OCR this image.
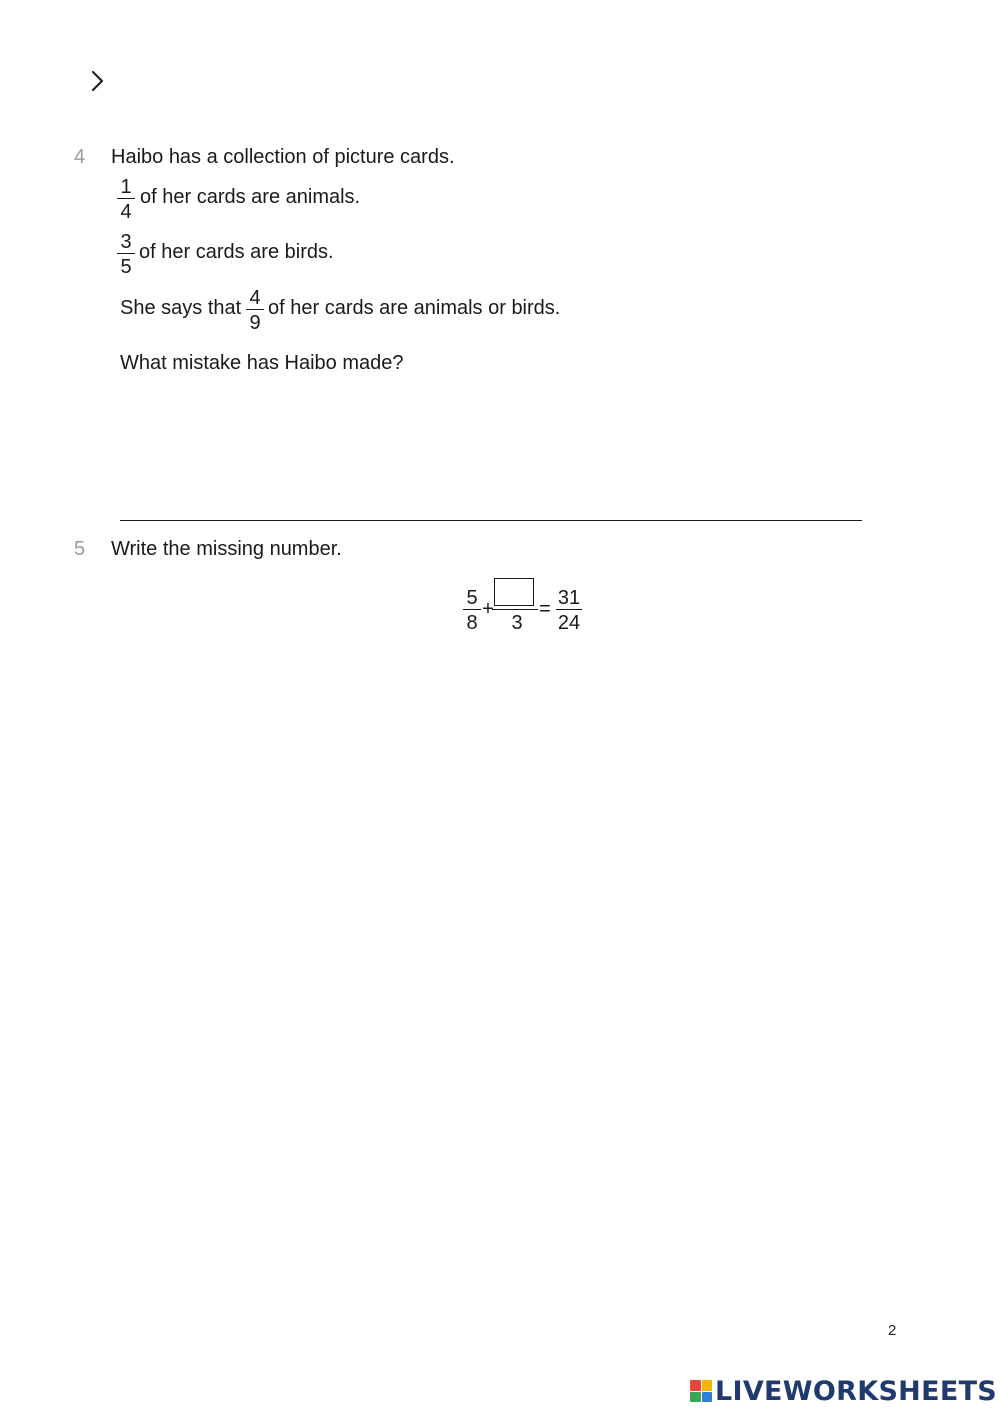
4 Haibo has a collection of picture cards.
$\frac{1}{4}$ of her cards are animals.
$\frac{3}{5}$ of her cards are birds.
She says that $\frac{4}{9}$ of her cards are animals or birds.
What mistake has Haibo made?
5 Write the missing number.
$\frac{5}{8}$ +
3
= $\frac{31}{24}$
2
LIVEWORKSHEETS
